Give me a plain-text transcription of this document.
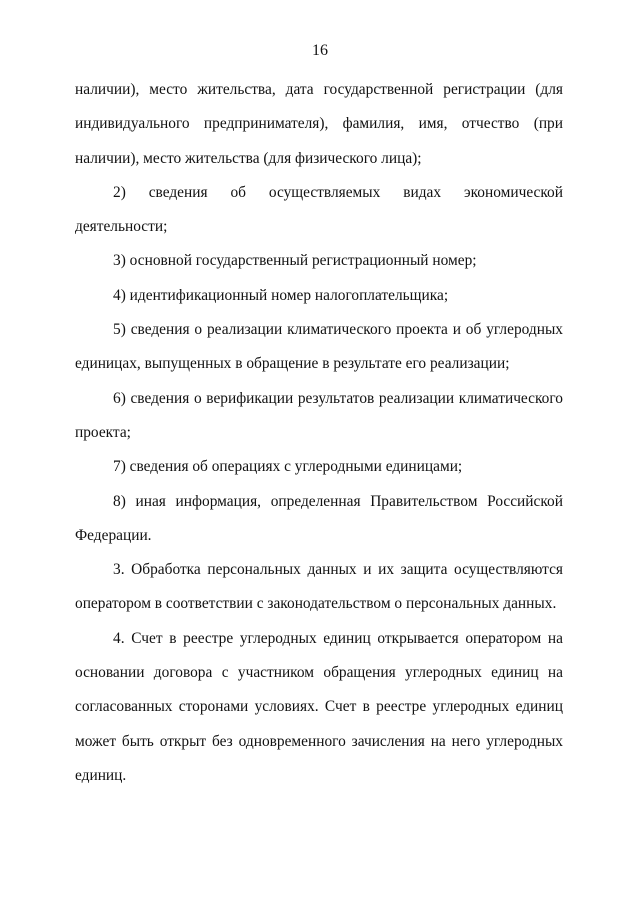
16

наличии), место жительства, дата государственной регистрации (для индивидуального предпринимателя), фамилия, имя, отчество (при наличии), место жительства (для физического лица);

2) сведения об осуществляемых видах экономической деятельности;

3) основной государственный регистрационный номер;

4) идентификационный номер налогоплательщика;

5) сведения о реализации климатического проекта и об углеродных единицах, выпущенных в обращение в результате его реализации;

6) сведения о верификации результатов реализации климатического проекта;

7) сведения об операциях с углеродными единицами;

8) иная информация, определенная Правительством Российской Федерации.

3. Обработка персональных данных и их защита осуществляются оператором в соответствии с законодательством о персональных данных.

4. Счет в реестре углеродных единиц открывается оператором на основании договора с участником обращения углеродных единиц на согласованных сторонами условиях. Счет в реестре углеродных единиц может быть открыт без одновременного зачисления на него углеродных единиц.
